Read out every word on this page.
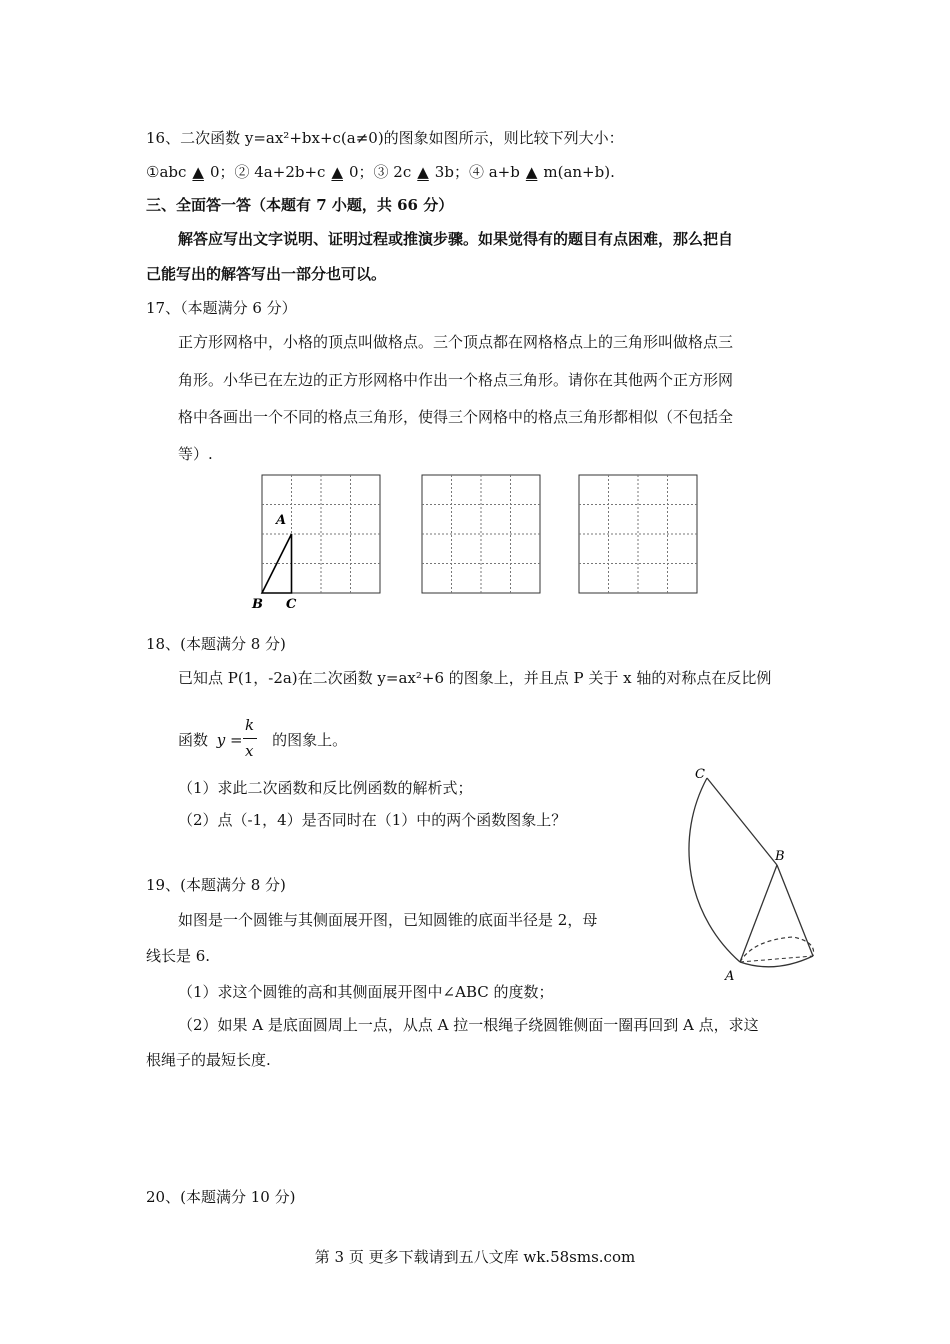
16、二次函数 y=ax²+bx+c(a≠0)的图象如图所示，则比较下列大小：
①abc ▲ 0；② 4a+2b+c ▲ 0；③ 2c ▲ 3b；④ a+b ▲ m(an+b).
三、全面答一答（本题有 7 小题，共 66 分）
解答应写出文字说明、证明过程或推演步骤。如果觉得有的题目有点困难，那么把自
己能写出的解答写出一部分也可以。
17、（本题满分 6 分）
正方形网格中，小格的顶点叫做格点。三个顶点都在网格格点上的三角形叫做格点三
角形。小华已在左边的正方形网格中作出一个格点三角形。请你在其他两个正方形网
格中各画出一个不同的格点三角形，使得三个网格中的格点三角形都相似（不包括全
等）.
A
B C
18、(本题满分 8 分)
已知点 P(1，-2a)在二次函数 y=ax²+6 的图象上，并且点 P 关于 x 轴的对称点在反比例
函数 y = 的图象上。
k
x
（1）求此二次函数和反比例函数的解析式；
（2）点（-1，4）是否同时在（1）中的两个函数图象上？
C
B
A
19、(本题满分 8 分)
如图是一个圆锥与其侧面展开图，已知圆锥的底面半径是 2，母
线长是 6.
（1）求这个圆锥的高和其侧面展开图中∠ABC 的度数；
（2）如果 A 是底面圆周上一点，从点 A 拉一根绳子绕圆锥侧面一圈再回到 A 点，求这
根绳子的最短长度.
20、(本题满分 10 分)
第 3 页 更多下载请到五八文库 wk.58sms.com
